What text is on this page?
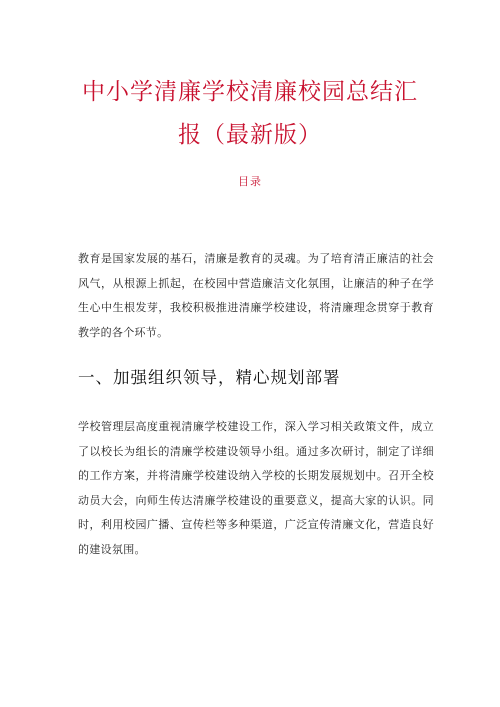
中小学清廉学校清廉校园总结汇
报（最新版）
目录

教育是国家发展的基石，清廉是教育的灵魂。为了培育清正廉洁的社会风气，从根源上抓起，在校园中营造廉洁文化氛围，让廉洁的种子在学生心中生根发芽，我校积极推进清廉学校建设，将清廉理念贯穿于教育教学的各个环节。

一、加强组织领导，精心规划部署

学校管理层高度重视清廉学校建设工作，深入学习相关政策文件，成立了以校长为组长的清廉学校建设领导小组。通过多次研讨，制定了详细的工作方案，并将清廉学校建设纳入学校的长期发展规划中。召开全校动员大会，向师生传达清廉学校建设的重要意义，提高大家的认识。同时，利用校园广播、宣传栏等多种渠道，广泛宣传清廉文化，营造良好的建设氛围。
